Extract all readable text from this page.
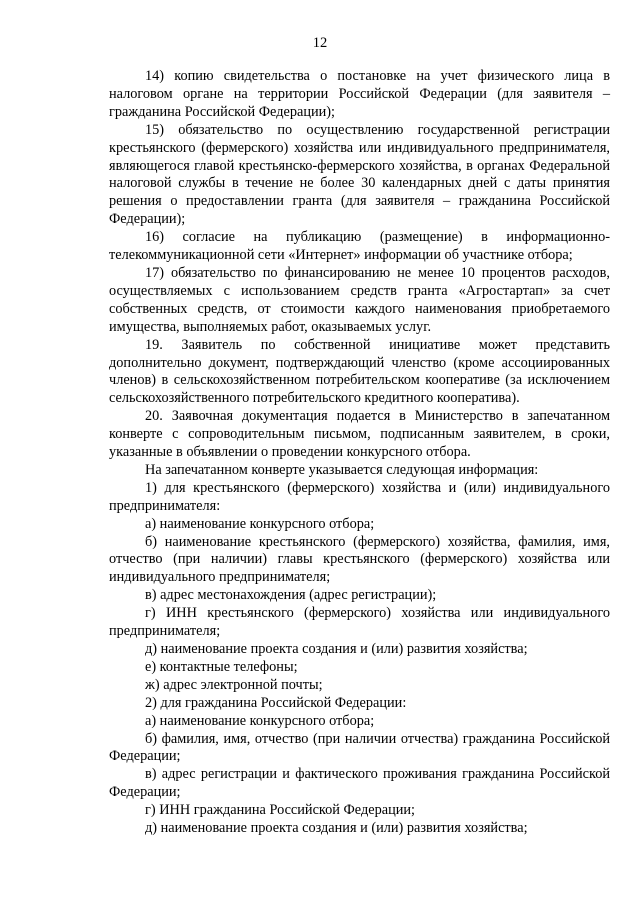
12

14) копию свидетельства о постановке на учет физического лица в налоговом органе на территории Российской Федерации (для заявителя – гражданина Российской Федерации);

15) обязательство по осуществлению государственной регистрации крестьянского (фермерского) хозяйства или индивидуального предпринимателя, являющегося главой крестьянско-фермерского хозяйства, в органах Федеральной налоговой службы в течение не более 30 календарных дней с даты принятия решения о предоставлении гранта (для заявителя – гражданина Российской Федерации);

16) согласие на публикацию (размещение) в информационно-телекоммуникационной сети «Интернет» информации об участнике отбора;

17) обязательство по финансированию не менее 10 процентов расходов, осуществляемых с использованием средств гранта «Агростартап» за счет собственных средств, от стоимости каждого наименования приобретаемого имущества, выполняемых работ, оказываемых услуг.

19. Заявитель по собственной инициативе может представить дополнительно документ, подтверждающий членство (кроме ассоциированных членов) в сельскохозяйственном потребительском кооперативе (за исключением сельскохозяйственного потребительского кредитного кооператива).

20. Заявочная документация подается в Министерство в запечатанном конверте с сопроводительным письмом, подписанным заявителем, в сроки, указанные в объявлении о проведении конкурсного отбора.

На запечатанном конверте указывается следующая информация:

1) для крестьянского (фермерского) хозяйства и (или) индивидуального предпринимателя:

а) наименование конкурсного отбора;

б) наименование крестьянского (фермерского) хозяйства, фамилия, имя, отчество (при наличии) главы крестьянского (фермерского) хозяйства или индивидуального предпринимателя;

в) адрес местонахождения (адрес регистрации);

г) ИНН крестьянского (фермерского) хозяйства или индивидуального предпринимателя;

д) наименование проекта создания и (или) развития хозяйства;

е) контактные телефоны;

ж) адрес электронной почты;

2) для гражданина Российской Федерации:

а) наименование конкурсного отбора;

б) фамилия, имя, отчество (при наличии отчества) гражданина Российской Федерации;

в) адрес регистрации и фактического проживания гражданина Российской Федерации;

г) ИНН гражданина Российской Федерации;

д) наименование проекта создания и (или) развития хозяйства;
